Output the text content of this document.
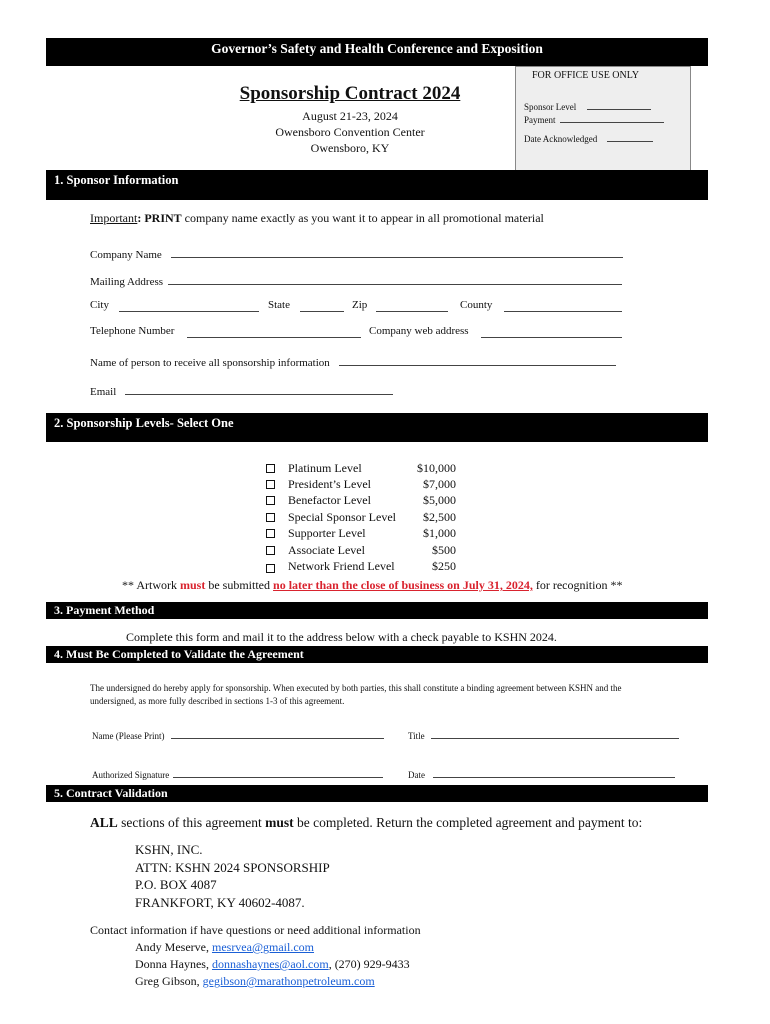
Governor’s Safety and Health Conference and Exposition
Sponsorship Contract 2024
August 21-23, 2024
Owensboro Convention Center
Owensboro, KY
FOR OFFICE USE ONLY
Sponsor Level
Payment
Date Acknowledged
1. Sponsor Information
Important: PRINT company name exactly as you want it to appear in all promotional material
Company Name
Mailing Address
City	State	Zip	County
Telephone Number	Company web address
Name of person to receive all sponsorship information
Email
2. Sponsorship Levels- Select One
Platinum Level	$10,000
President’s Level	$7,000
Benefactor Level	$5,000
Special Sponsor Level $2,500
Supporter Level	$1,000
Associate Level	$500
Network Friend Level	$250
** Artwork must be submitted no later than the close of business on July 31, 2024, for recognition **
3. Payment Method
Complete this form and mail it to the address below with a check payable to KSHN 2024.
4. Must Be Completed to Validate the Agreement
The undersigned do hereby apply for sponsorship. When executed by both parties, this shall constitute a binding agreement between KSHN and the
undersigned, as more fully described in sections 1-3 of this agreement.
Name (Please Print)	Title
Authorized Signature	Date
5. Contract Validation
ALL sections of this agreement must be completed. Return the completed agreement and payment to:
KSHN, INC.
ATTN: KSHN 2024 SPONSORSHIP
P.O. BOX 4087
FRANKFORT, KY 40602-4087.
Contact information if have questions or need additional information
Andy Meserve, mesrvea@gmail.com
Donna Haynes, donnashaynes@aol.com, (270) 929-9433
Greg Gibson, gegibson@marathonpetroleum.com
